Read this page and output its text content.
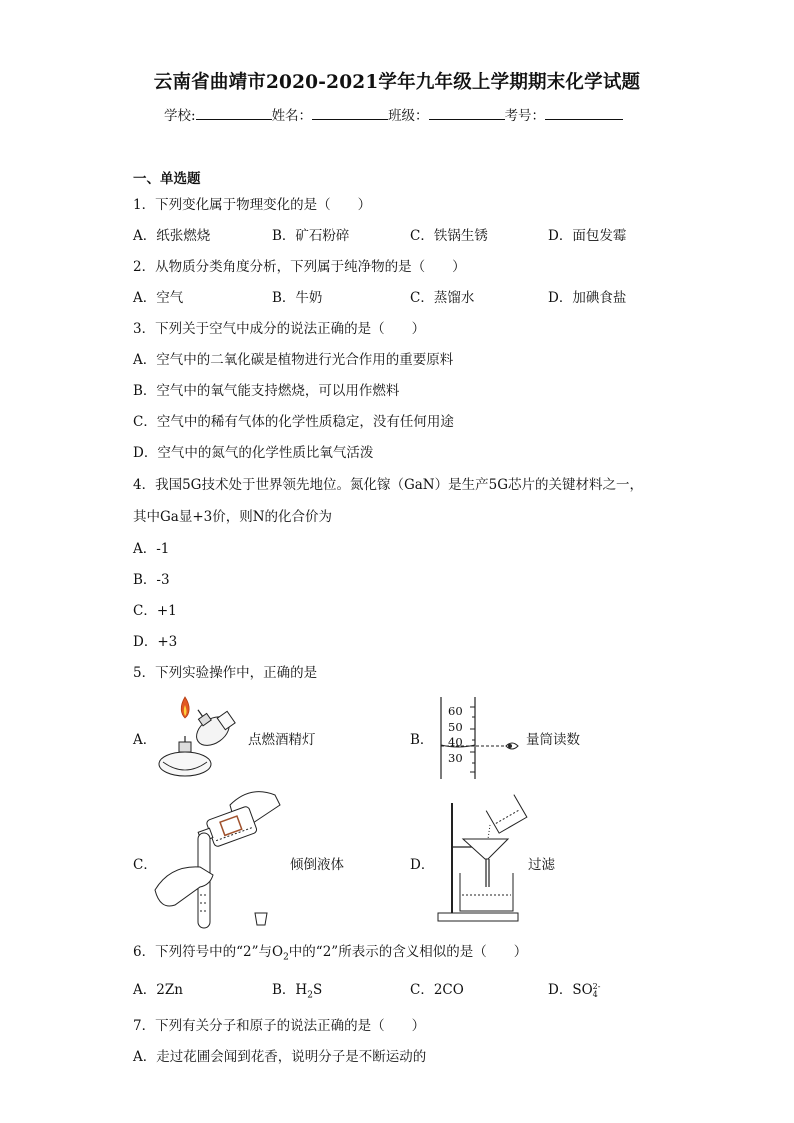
云南省曲靖市2020-2021学年九年级上学期期末化学试题
学校:	姓名：	班级：	考号：
一、单选题
1．下列变化属于物理变化的是（　　）
A．纸张燃烧	B．矿石粉碎	C．铁锅生锈	D．面包发霉
2．从物质分类角度分析，下列属于纯净物的是（　　）
A．空气	B．牛奶	C．蒸馏水	D．加碘食盐
3．下列关于空气中成分的说法正确的是（　　）
A．空气中的二氧化碳是植物进行光合作用的重要原料
B．空气中的氧气能支持燃烧，可以用作燃料
C．空气中的稀有气体的化学性质稳定，没有任何用途
D．空气中的氮气的化学性质比氧气活泼
4．我国5G技术处于世界领先地位。氮化镓（GaN）是生产5G芯片的关键材料之一，
其中Ga显+3价，则N的化合价为
A．-1
B．-3
C．+1
D．+3
5．下列实验操作中，正确的是
A．	点燃酒精灯	B．
60
50
40
30
量筒读数
C．	倾倒液体	D．	过滤
6．下列符号中的“2”与$O_2$中的“2”所表示的含义相似的是（　　）
A．2Zn	B．$H_2S$	C．2CO	D．SO 2-
4
7．下列有关分子和原子的说法正确的是（　　）
A．走过花圃会闻到花香，说明分子是不断运动的
